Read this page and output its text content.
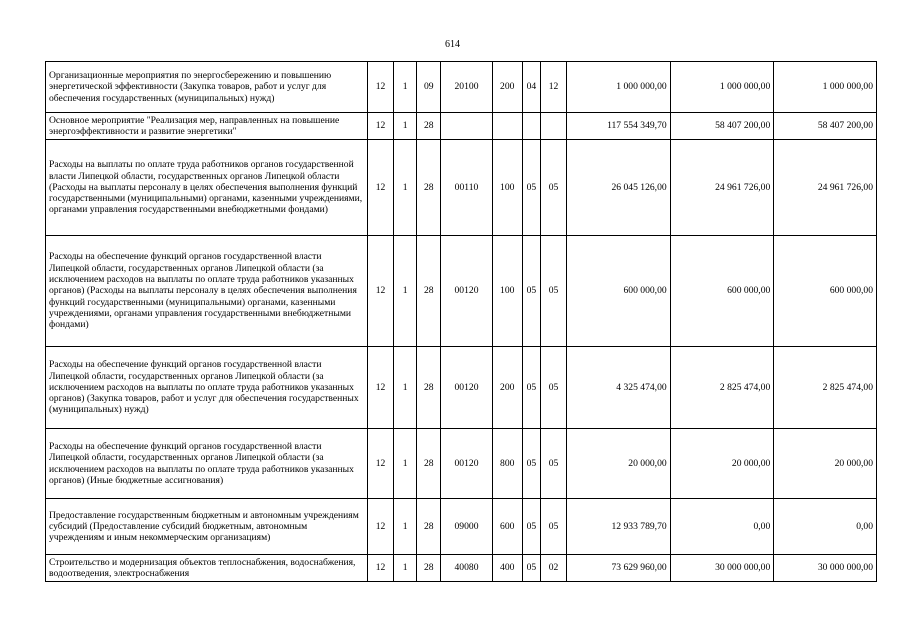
614
Организационные мероприятия по энергосбережению и повышению энергетической эффективности (Закупка товаров, работ и услуг для обеспечения государственных (муниципальных) нужд)	12	1	09	20100	200	04	12	1 000 000,00	1 000 000,00	1 000 000,00
Основное мероприятие "Реализация мер, направленных на повышение энергоэффективности и развитие энергетики"	12	1	28					117 554 349,70	58 407 200,00	58 407 200,00
Расходы на выплаты по оплате труда работников органов государственной власти Липецкой области, государственных органов Липецкой области (Расходы на выплаты персоналу в целях обеспечения выполнения функций государственными (муниципальными) органами, казенными учреждениями, органами управления государственными внебюджетными фондами)	12	1	28	00110	100	05	05	26 045 126,00	24 961 726,00	24 961 726,00
Расходы на обеспечение функций органов государственной власти Липецкой области, государственных органов Липецкой области (за исключением расходов на выплаты по оплате труда работников указанных органов) (Расходы на выплаты персоналу в целях обеспечения выполнения функций государственными (муниципальными) органами, казенными учреждениями, органами управления государственными внебюджетными фондами)	12	1	28	00120	100	05	05	600 000,00	600 000,00	600 000,00
Расходы на обеспечение функций органов государственной власти Липецкой области, государственных органов Липецкой области (за исключением расходов на выплаты по оплате труда работников указанных органов) (Закупка товаров, работ и услуг для обеспечения государственных (муниципальных) нужд)	12	1	28	00120	200	05	05	4 325 474,00	2 825 474,00	2 825 474,00
Расходы на обеспечение функций органов государственной власти Липецкой области, государственных органов Липецкой области (за исключением расходов на выплаты по оплате труда работников указанных органов) (Иные бюджетные ассигнования)	12	1	28	00120	800	05	05	20 000,00	20 000,00	20 000,00
Предоставление государственным бюджетным и автономным учреждениям субсидий (Предоставление субсидий бюджетным, автономным учреждениям и иным некоммерческим организациям)	12	1	28	09000	600	05	05	12 933 789,70	0,00	0,00
Строительство и модернизация объектов теплоснабжения, водоснабжения, водоотведения, электроснабжения	12	1	28	40080	400	05	02	73 629 960,00	30 000 000,00	30 000 000,00
